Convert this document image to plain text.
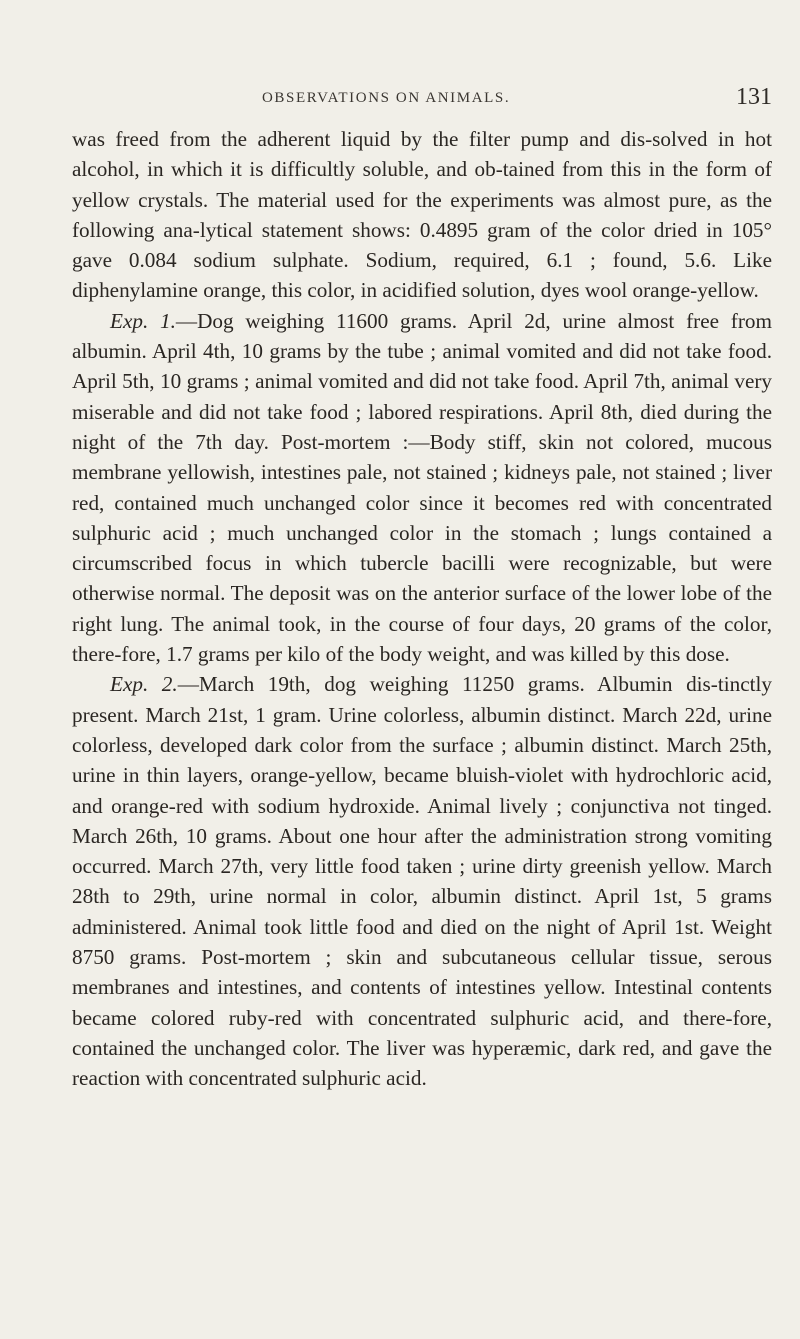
OBSERVATIONS ON ANIMALS.	131

was freed from the adherent liquid by the filter pump and dis-solved in hot alcohol, in which it is difficultly soluble, and ob-tained from this in the form of yellow crystals. The material used for the experiments was almost pure, as the following ana-lytical statement shows: 0.4895 gram of the color dried in 105° gave 0.084 sodium sulphate. Sodium, required, 6.1 ; found, 5.6. Like diphenylamine orange, this color, in acidified solution, dyes wool orange-yellow.

Exp. 1.—Dog weighing 11600 grams. April 2d, urine almost free from albumin. April 4th, 10 grams by the tube ; animal vomited and did not take food. April 5th, 10 grams ; animal vomited and did not take food. April 7th, animal very miserable and did not take food ; labored respirations. April 8th, died during the night of the 7th day. Post-mortem :—Body stiff, skin not colored, mucous membrane yellowish, intestines pale, not stained ; kidneys pale, not stained ; liver red, contained much unchanged color since it becomes red with concentrated sulphuric acid ; much unchanged color in the stomach ; lungs contained a circumscribed focus in which tubercle bacilli were recognizable, but were otherwise normal. The deposit was on the anterior surface of the lower lobe of the right lung. The animal took, in the course of four days, 20 grams of the color, there-fore, 1.7 grams per kilo of the body weight, and was killed by this dose.

Exp. 2.—March 19th, dog weighing 11250 grams. Albumin dis-tinctly present. March 21st, 1 gram. Urine colorless, albumin distinct. March 22d, urine colorless, developed dark color from the surface ; albumin distinct. March 25th, urine in thin layers, orange-yellow, became bluish-violet with hydrochloric acid, and orange-red with sodium hydroxide. Animal lively ; conjunctiva not tinged. March 26th, 10 grams. About one hour after the administration strong vomiting occurred. March 27th, very little food taken ; urine dirty greenish yellow. March 28th to 29th, urine normal in color, albumin distinct. April 1st, 5 grams administered. Animal took little food and died on the night of April 1st. Weight 8750 grams. Post-mortem ; skin and subcutaneous cellular tissue, serous membranes and intestines, and contents of intestines yellow. Intestinal contents became colored ruby-red with concentrated sulphuric acid, and there-fore, contained the unchanged color. The liver was hyperæmic, dark red, and gave the reaction with concentrated sulphuric acid.
